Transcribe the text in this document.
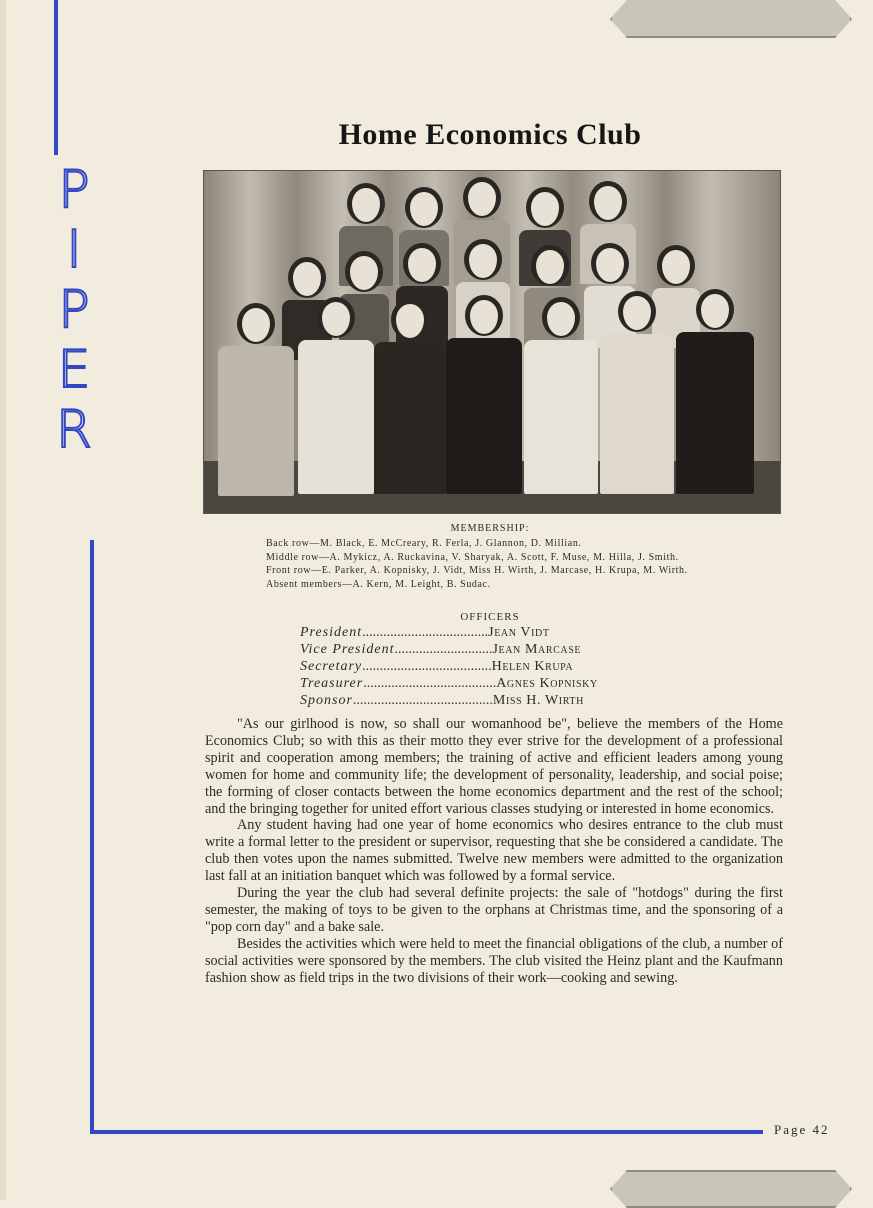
P
I
P
E
R
Home Economics Club
MEMBERSHIP:

Back row—M. Black, E. McCreary, R. Ferla, J. Glannon, D. Millian.

Middle row—A. Mykicz, A. Ruckavina, V. Sharyak, A. Scott, F. Muse, M. Hilla, J. Smith.

Front row—E. Parker, A. Kopnisky, J. Vidt, Miss H. Wirth, J. Marcase, H. Krupa, M. Wirth.

Absent members—A. Kern, M. Leight, B. Sudac.

OFFICERS
President .................................... Jean Vidt
Vice President ............................ Jean Marcase
Secretary ..................................... Helen Krupa
Treasurer ...................................... Agnes Kopnisky
Sponsor ........................................ Miss H. Wirth

"As our girlhood is now, so shall our womanhood be", believe the members of the Home Economics Club; so with this as their motto they ever strive for the development of a professional spirit and cooperation among members; the training of active and efficient leaders among young women for home and community life; the development of personality, leadership, and social poise; the forming of closer contacts between the home economics department and the rest of the school; and the bringing together for united effort various classes studying or interested in home economics.

Any student having had one year of home economics who desires entrance to the club must write a formal letter to the president or supervisor, requesting that she be considered a candidate. The club then votes upon the names submitted. Twelve new members were admitted to the organization last fall at an initiation banquet which was followed by a formal service.

During the year the club had several definite projects: the sale of "hotdogs" during the first semester, the making of toys to be given to the orphans at Christmas time, and the sponsoring of a "pop corn day" and a bake sale.

Besides the activities which were held to meet the financial obligations of the club, a number of social activities were sponsored by the members. The club visited the Heinz plant and the Kaufmann fashion show as field trips in the two divisions of their work—cooking and sewing.

Page 42
